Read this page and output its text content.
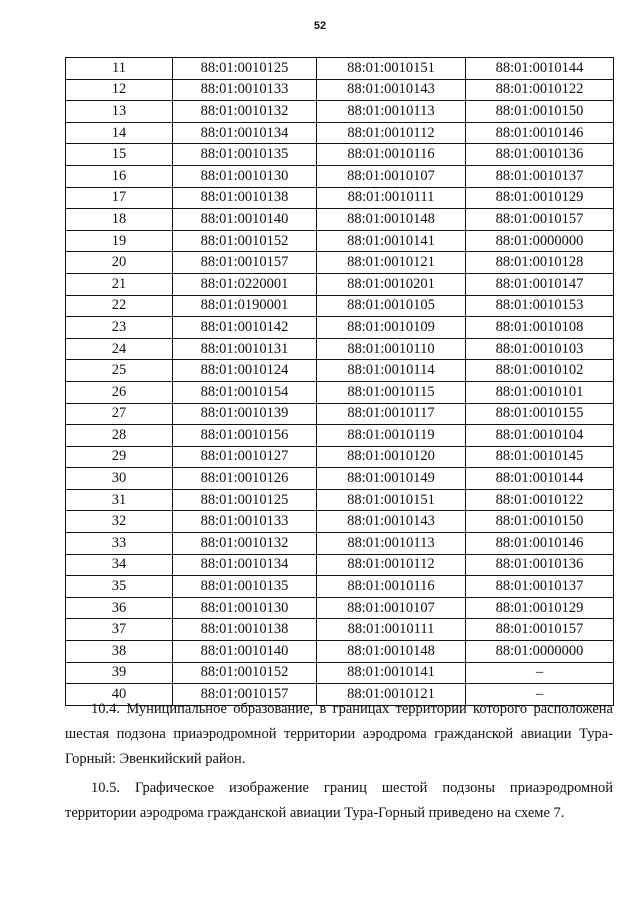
52
11	88:01:0010125	88:01:0010151	88:01:0010144
12	88:01:0010133	88:01:0010143	88:01:0010122
13	88:01:0010132	88:01:0010113	88:01:0010150
14	88:01:0010134	88:01:0010112	88:01:0010146
15	88:01:0010135	88:01:0010116	88:01:0010136
16	88:01:0010130	88:01:0010107	88:01:0010137
17	88:01:0010138	88:01:0010111	88:01:0010129
18	88:01:0010140	88:01:0010148	88:01:0010157
19	88:01:0010152	88:01:0010141	88:01:0000000
20	88:01:0010157	88:01:0010121	88:01:0010128
21	88:01:0220001	88:01:0010201	88:01:0010147
22	88:01:0190001	88:01:0010105	88:01:0010153
23	88:01:0010142	88:01:0010109	88:01:0010108
24	88:01:0010131	88:01:0010110	88:01:0010103
25	88:01:0010124	88:01:0010114	88:01:0010102
26	88:01:0010154	88:01:0010115	88:01:0010101
27	88:01:0010139	88:01:0010117	88:01:0010155
28	88:01:0010156	88:01:0010119	88:01:0010104
29	88:01:0010127	88:01:0010120	88:01:0010145
30	88:01:0010126	88:01:0010149	88:01:0010144
31	88:01:0010125	88:01:0010151	88:01:0010122
32	88:01:0010133	88:01:0010143	88:01:0010150
33	88:01:0010132	88:01:0010113	88:01:0010146
34	88:01:0010134	88:01:0010112	88:01:0010136
35	88:01:0010135	88:01:0010116	88:01:0010137
36	88:01:0010130	88:01:0010107	88:01:0010129
37	88:01:0010138	88:01:0010111	88:01:0010157
38	88:01:0010140	88:01:0010148	88:01:0000000
39	88:01:0010152	88:01:0010141	–
40	88:01:0010157	88:01:0010121	–

10.4. Муниципальное образование, в границах территории которого расположена шестая подзона приаэродромной территории аэродрома гражданской авиации Тура-Горный: Эвенкийский район.

10.5. Графическое изображение границ шестой подзоны приаэродромной территории аэродрома гражданской авиации Тура-Горный приведено на схеме 7.
